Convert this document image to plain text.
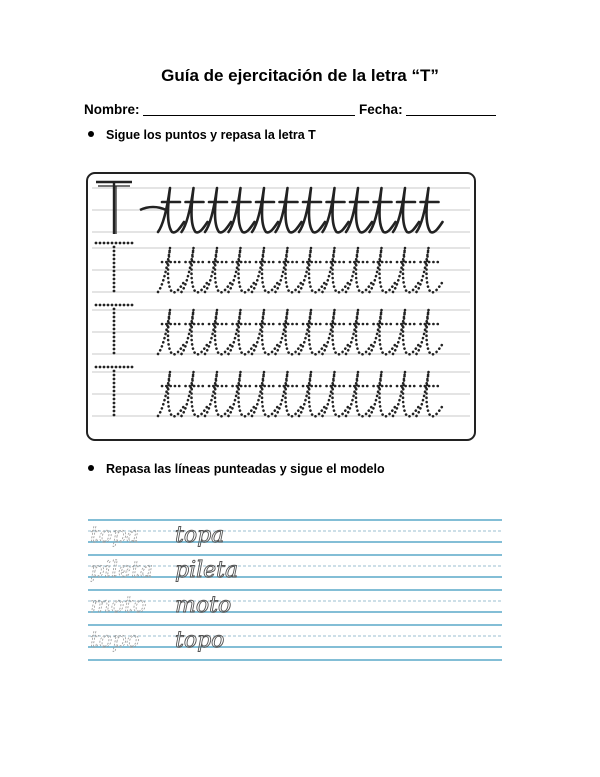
Guía de ejercitación de la letra “T”
Nombre:	Fecha:
Sigue los puntos y repasa la letra T
Repasa las líneas punteadas y sigue el modelo
topa topa
pileta pileta
moto moto
topo topo
